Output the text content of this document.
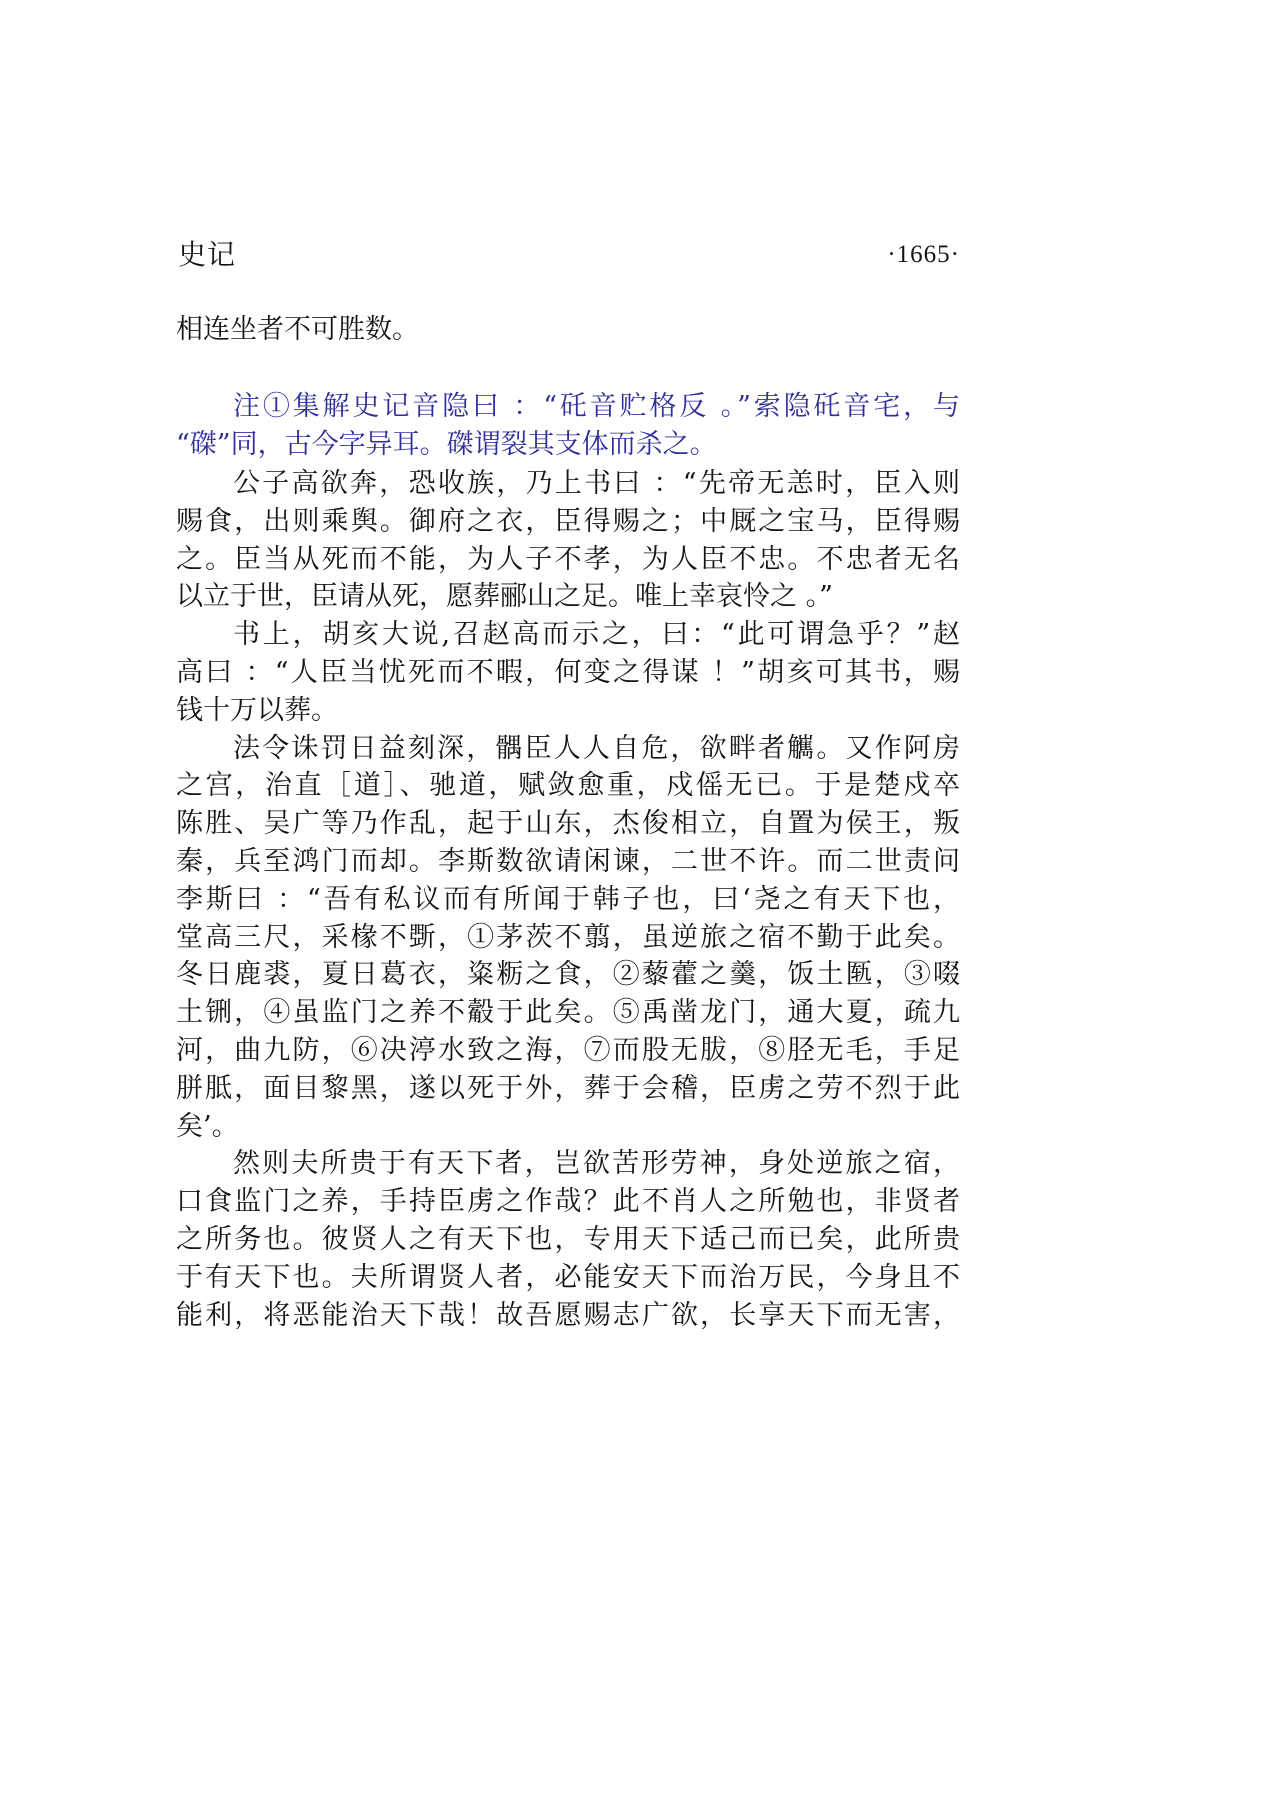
史记	·1665·
相连坐者不可胜数。
注①集解史记音隐曰 ：“矺音贮格反 。”索隐矺音宅，与
“磔”同，古今字异耳。磔谓裂其支体而杀之。
公子高欲奔，恐收族，乃上书曰 ：“先帝无恙时，臣入则
赐食，出则乘舆。御府之衣，臣得赐之；中厩之宝马，臣得赐
之。臣当从死而不能，为人子不孝，为人臣不忠。不忠者无名
以立于世，臣请从死，愿葬郦山之足。唯上幸哀怜之 。”
书上，胡亥大说,召赵高而示之，曰：“此可谓急乎？”赵
高曰 ：“人臣当忧死而不暇，何变之得谋 ！”胡亥可其书，赐
钱十万以葬。
法令诛罚日益刻深，髃臣人人自危，欲畔者觽。又作阿房
之宫，治直［道］、驰道，赋敛愈重，戍傜无已。于是楚戍卒
陈胜、吴广等乃作乱，起于山东，杰俊相立，自置为侯王，叛
秦，兵至鸿门而却。李斯数欲请闲谏，二世不许。而二世责问
李斯曰 ：“吾有私议而有所闻于韩子也，曰‘尧之有天下也，
堂高三尺，采椽不斲，①茅茨不翦，虽逆旅之宿不勤于此矣。
冬日鹿裘，夏日葛衣，粢粝之食，②藜藿之羹，饭土匦，③啜
土铏，④虽监门之养不觳于此矣。⑤禹凿龙门，通大夏，疏九
河，曲九防，⑥决渟水致之海，⑦而股无胈，⑧胫无毛，手足
胼胝，面目黎黑，遂以死于外，葬于会稽，臣虏之劳不烈于此
矣’。
然则夫所贵于有天下者，岂欲苦形劳神，身处逆旅之宿，
口食监门之养，手持臣虏之作哉？此不肖人之所勉也，非贤者
之所务也。彼贤人之有天下也，专用天下适己而已矣，此所贵
于有天下也。夫所谓贤人者，必能安天下而治万民，今身且不
能利，将恶能治天下哉！故吾愿赐志广欲，长享天下而无害，
